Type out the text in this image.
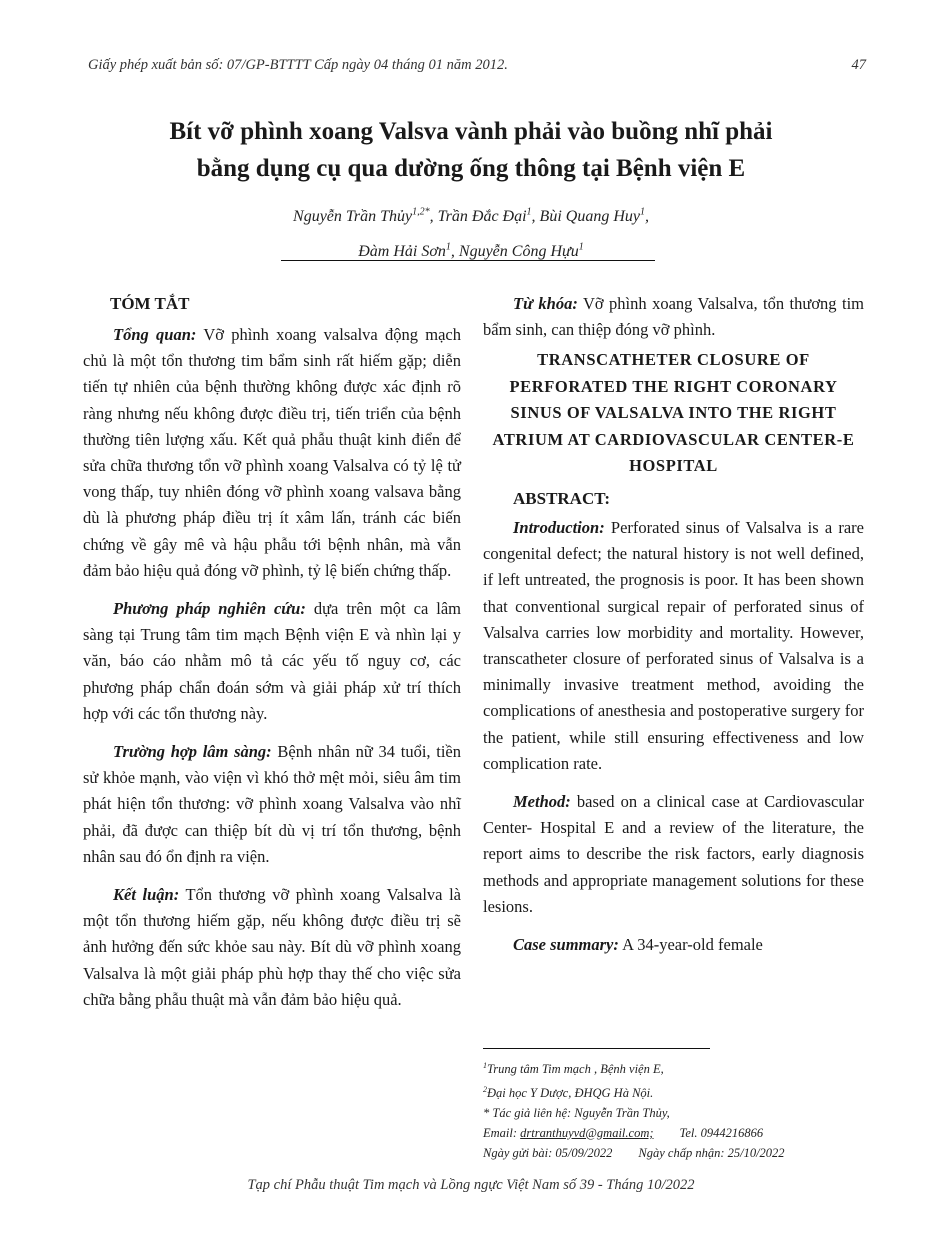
Giấy phép xuất bản số: 07/GP-BTTTT Cấp ngày 04 tháng 01 năm 2012.	47
Bít vỡ phình xoang Valsva vành phải vào buồng nhĩ phải
bằng dụng cụ qua dường ống thông tại Bệnh viện E
Nguyễn Trần Thủy$^{1,2*}$, Trần Đắc Đại$^1$, Bùi Quang Huy$^1$,
Đàm Hải Sơn$^1$, Nguyễn Công Hựu$^1$
TÓM TẮT

Tổng quan: Vỡ phình xoang valsalva động mạch chủ là một tổn thương tim bẩm sinh rất hiếm gặp; diễn tiến tự nhiên của bệnh thường không được xác định rõ ràng nhưng nếu không được điều trị, tiến triển của bệnh thường tiên lượng xấu. Kết quả phẫu thuật kinh điển để sửa chữa thương tổn vỡ phình xoang Valsalva có tỷ lệ tử vong thấp, tuy nhiên đóng vỡ phình xoang valsava bằng dù là phương pháp điều trị ít xâm lấn, tránh các biến chứng về gây mê và hậu phẫu tới bệnh nhân, mà vẫn đảm bảo hiệu quả đóng vỡ phình, tỷ lệ biến chứng thấp.

Phương pháp nghiên cứu: dựa trên một ca lâm sàng tại Trung tâm tim mạch Bệnh viện E và nhìn lại y văn, báo cáo nhằm mô tả các yếu tố nguy cơ, các phương pháp chẩn đoán sớm và giải pháp xử trí thích hợp với các tổn thương này.

Trường hợp lâm sàng: Bệnh nhân nữ 34 tuổi, tiền sử khỏe mạnh, vào viện vì khó thở mệt mỏi, siêu âm tim phát hiện tổn thương: vỡ phình xoang Valsalva vào nhĩ phải, đã được can thiệp bít dù vị trí tổn thương, bệnh nhân sau đó ổn định ra viện.

Kết luận: Tổn thương vỡ phình xoang Valsalva là một tổn thương hiếm gặp, nếu không được điều trị sẽ ảnh hưởng đến sức khỏe sau này. Bít dù vỡ phình xoang Valsalva là một giải pháp phù hợp thay thế cho việc sửa chữa bằng phẫu thuật mà vẫn đảm bảo hiệu quả.

Từ khóa: Vỡ phình xoang Valsalva, tổn thương tim bẩm sinh, can thiệp đóng vỡ phình.

TRANSCATHETER CLOSURE OF PERFORATED THE RIGHT CORONARY SINUS OF VALSALVA INTO THE RIGHT ATRIUM AT CARDIOVASCULAR CENTER-E HOSPITAL
ABSTRACT:

Introduction: Perforated sinus of Valsalva is a rare congenital defect; the natural history is not well defined, if left untreated, the prognosis is poor. It has been shown that conventional surgical repair of perforated sinus of Valsalva carries low morbidity and mortality. However, transcatheter closure of perforated sinus of Valsalva is a minimally invasive treatment method, avoiding the complications of anesthesia and postoperative surgery for the patient, while still ensuring effectiveness and low complication rate.

Method: based on a clinical case at Cardiovascular Center- Hospital E and a review of the literature, the report aims to describe the risk factors, early diagnosis methods and appropriate management solutions for these lesions.

Case summary: A 34-year-old female

$^1$Trung tâm Tim mạch , Bệnh viện E,
$^2$Đại học Y Dược, ĐHQG Hà Nội.
* Tác giả liên hệ: Nguyễn Trần Thủy,
Email: drtranthuyvd@gmail.com; Tel. 0944216866
Ngày gửi bài: 05/09/2022 Ngày chấp nhận: 25/10/2022
Tạp chí Phẫu thuật Tim mạch và Lồng ngực Việt Nam số 39 - Tháng 10/2022
